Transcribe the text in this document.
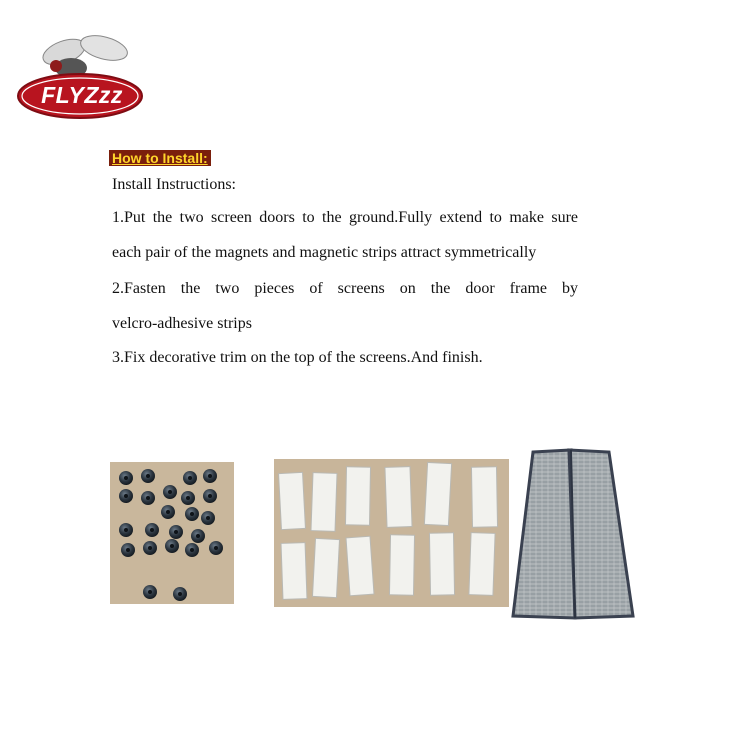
FLYZzz
How to Install:
Install Instructions:
1.Put the two screen doors to the ground.Fully extend to make sure
each pair of the magnets and magnetic strips attract symmetrically
2.Fasten the two pieces of screens on the door frame by
velcro-adhesive strips
3.Fix decorative trim on the top of the screens.And finish.
